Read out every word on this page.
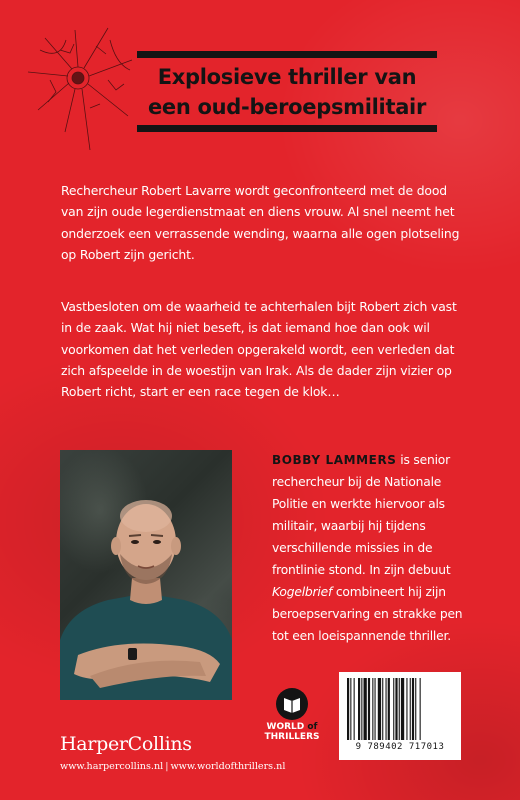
Explosieve thriller van
een oud-beroepsmilitair

Rechercheur Robert Lavarre wordt geconfronteerd met de dood van zijn oude legerdienstmaat en diens vrouw. Al snel neemt het onderzoek een verrassende wending, waarna alle ogen plotseling op Robert zijn gericht.

Vastbesloten om de waarheid te achterhalen bijt Robert zich vast in de zaak. Wat hij niet beseft, is dat iemand hoe dan ook wil voorkomen dat het verleden opgerakeld wordt, een verleden dat zich afspeelde in de woestijn van Irak. Als de dader zijn vizier op Robert richt, start er een race tegen de klok…

BOBBY LAMMERS is senior rechercheur bij de Nationale Politie en werkte hiervoor als militair, waarbij hij tijdens verschillende missies in de frontlinie stond. In zijn debuut Kogelbrief combineert hij zijn beroepservaring en strakke pen tot een loeispannende thriller.
WORLD of
THRILLERS
9 789402 717013
HarperCollins
www.harpercollins.nl | www.worldofthrillers.nl
